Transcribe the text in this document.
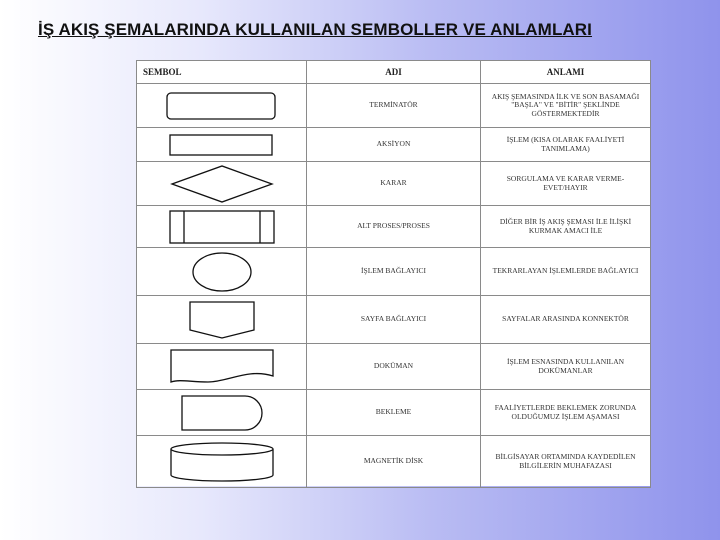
İŞ AKIŞ ŞEMALARINDA KULLANILAN SEMBOLLER VE ANLAMLARI
SEMBOL	ADI	ANLAMI

	TERMİNATÖR	AKIŞ ŞEMASINDA İLK VE SON BASAMAĞI "BAŞLA" VE "BİTİR" ŞEKLİNDE GÖSTERMEKTEDİR

	AKSİYON	İŞLEM (KISA OLARAK FAALİYETİ TANIMLAMA)

	KARAR	SORGULAMA VE KARAR VERME- EVET/HAYIR

	ALT PROSES/PROSES	DİĞER BİR İŞ AKIŞ ŞEMASI İLE İLİŞKİ KURMAK AMACI İLE

	İŞLEM BAĞLAYICI	TEKRARLAYAN İŞLEMLERDE BAĞLAYICI

	SAYFA BAĞLAYICI	SAYFALAR ARASINDA KONNEKTÖR

	DOKÜMAN	İŞLEM ESNASINDA KULLANILAN DOKÜMANLAR

	BEKLEME	FAALİYETLERDE BEKLEMEK ZORUNDA OLDUĞUMUZ İŞLEM AŞAMASI

	MAGNETİK DİSK	BİLGİSAYAR ORTAMINDA KAYDEDİLEN BİLGİLERİN MUHAFAZASI
